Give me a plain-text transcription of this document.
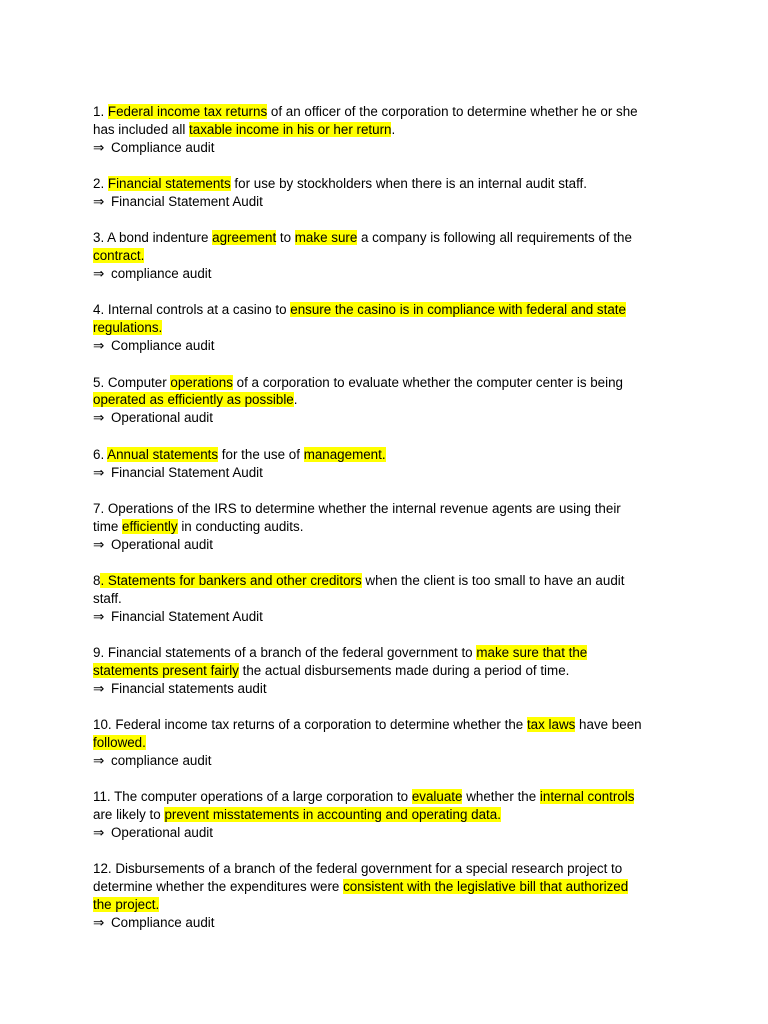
1. Federal income tax returns of an officer of the corporation to determine whether he or she
has included all taxable income in his or her return.
⇒ Compliance audit
2. Financial statements for use by stockholders when there is an internal audit staff.
⇒ Financial Statement Audit
3. A bond indenture agreement to make sure a company is following all requirements of the
contract.
⇒ compliance audit
4. Internal controls at a casino to ensure the casino is in compliance with federal and state
regulations.
⇒ Compliance audit
5. Computer operations of a corporation to evaluate whether the computer center is being
operated as efficiently as possible.
⇒ Operational audit
6. Annual statements for the use of management.
⇒ Financial Statement Audit
7. Operations of the IRS to determine whether the internal revenue agents are using their
time efficiently in conducting audits.
⇒ Operational audit
8. Statements for bankers and other creditors when the client is too small to have an audit
staff.
⇒ Financial Statement Audit
9. Financial statements of a branch of the federal government to make sure that the
statements present fairly the actual disbursements made during a period of time.
⇒ Financial statements audit
10. Federal income tax returns of a corporation to determine whether the tax laws have been
followed.
⇒ compliance audit
11. The computer operations of a large corporation to evaluate whether the internal controls
are likely to prevent misstatements in accounting and operating data.
⇒ Operational audit
12. Disbursements of a branch of the federal government for a special research project to
determine whether the expenditures were consistent with the legislative bill that authorized
the project.
⇒ Compliance audit
